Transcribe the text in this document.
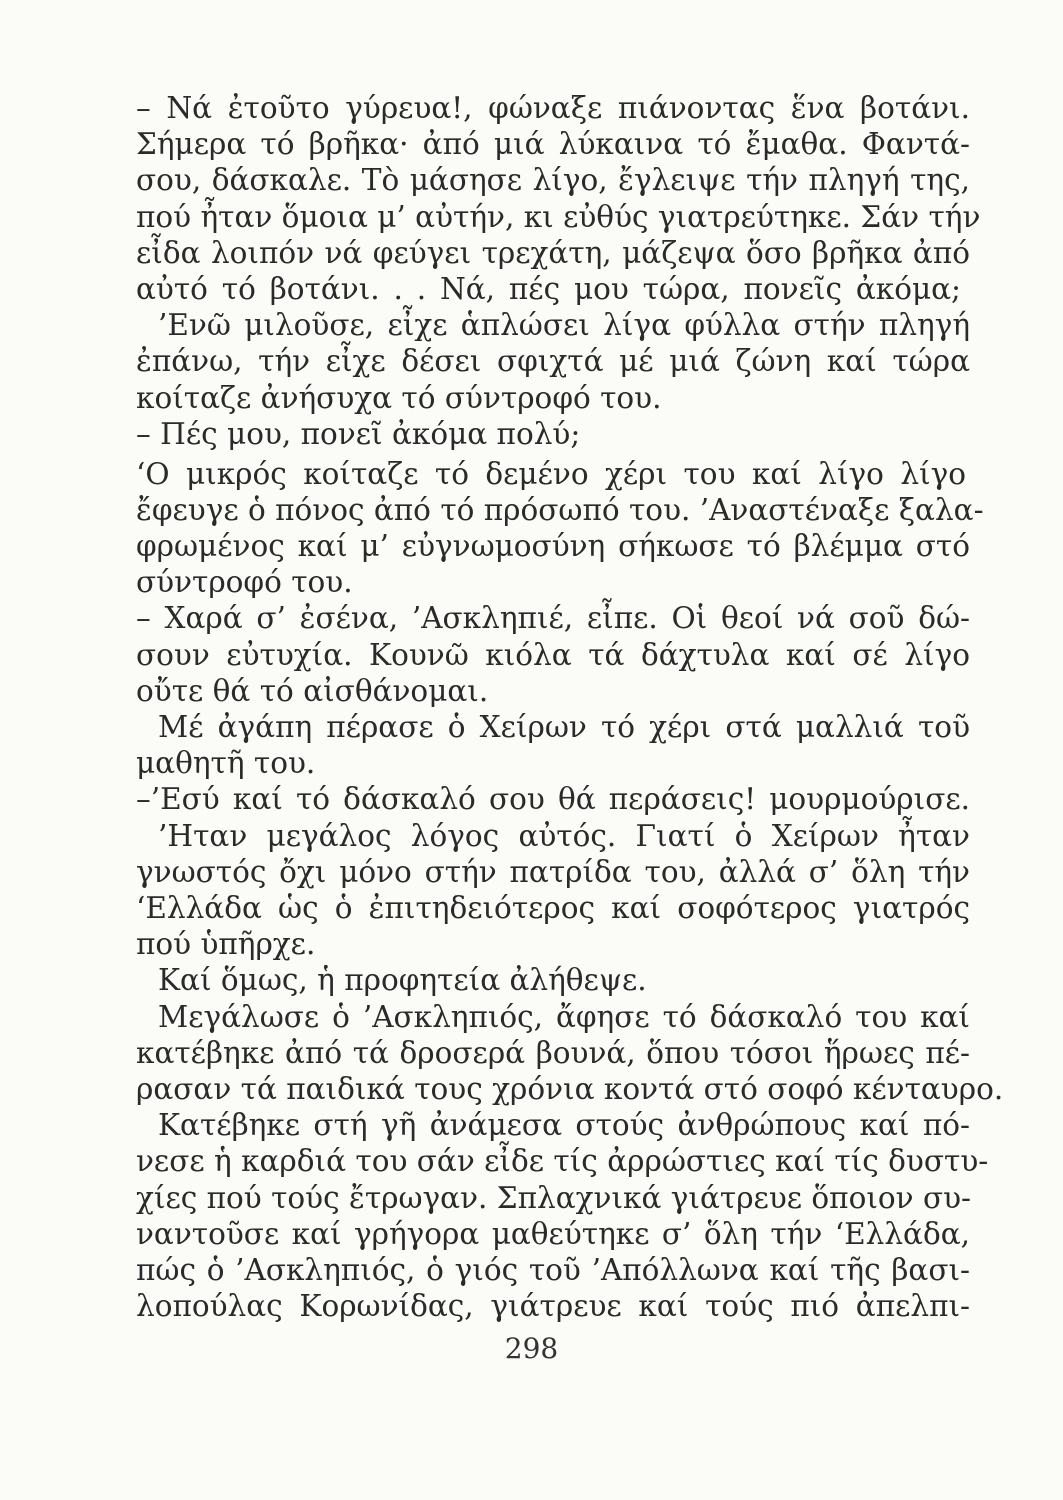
– Νά ἐτοῦτο γύρευα!, φώναξε πιάνοντας ἕνα βοτάνι.
Σήμερα τό βρῆκα· ἀπό μιά λύκαινα τό ἔμαθα. Φαντά-
σου, δάσκαλε. Τὸ μάσησε λίγο, ἔγλειψε τήν πληγή της,
πού ἦταν ὅμοια μ’ αὐτήν, κι εὐθύς γιατρεύτηκε. Σάν τήν
εἶδα λοιπόν νά φεύγει τρεχάτη, μάζεψα ὅσο βρῆκα ἀπό
αὐτό τό βοτάνι. . . Νά, πές μου τώρα, πονεῖς ἀκόμα;
’Ενῶ μιλοῦσε, εἶχε ἁπλώσει λίγα φύλλα στήν πληγή
ἐπάνω, τήν εἶχε δέσει σφιχτά μέ μιά ζώνη καί τώρα
κοίταζε ἀνήσυχα τό σύντροφό του.
– Πές μου, πονεῖ ἀκόμα πολύ;
‘Ο μικρός κοίταζε τό δεμένο χέρι του καί λίγο λίγο
ἔφευγε ὁ πόνος ἀπό τό πρόσωπό του. ’Αναστέναξε ξαλα-
φρωμένος καί μ’ εὐγνωμοσύνη σήκωσε τό βλέμμα στό
σύντροφό του.
– Χαρά σ’ ἐσένα, ’Ασκληπιέ, εἶπε. Οἱ θεοί νά σοῦ δώ-
σουν εὐτυχία. Κουνῶ κιόλα τά δάχτυλα καί σέ λίγο
οὔτε θά τό αἰσθάνομαι.
Μέ ἀγάπη πέρασε ὁ Χείρων τό χέρι στά μαλλιά τοῦ
μαθητῆ του.
–’Εσύ καί τό δάσκαλό σου θά περάσεις! μουρμούρισε.
’Ηταν μεγάλος λόγος αὐτός. Γιατί ὁ Χείρων ἦταν
γνωστός ὄχι μόνο στήν πατρίδα του, ἀλλά σ’ ὅλη τήν
‘Ελλάδα ὡς ὁ ἐπιτηδειότερος καί σοφότερος γιατρός
πού ὑπῆρχε.
Καί ὅμως, ἡ προφητεία ἀλήθεψε.
Μεγάλωσε ὁ ’Ασκληπιός, ἄφησε τό δάσκαλό του καί
κατέβηκε ἀπό τά δροσερά βουνά, ὅπου τόσοι ἥρωες πέ-
ρασαν τά παιδικά τους χρόνια κοντά στό σοφό κένταυρο.
Κατέβηκε στή γῆ ἀνάμεσα στούς ἀνθρώπους καί πό-
νεσε ἡ καρδιά του σάν εἶδε τίς ἀρρώστιες καί τίς δυστυ-
χίες πού τούς ἔτρωγαν. Σπλαχνικά γιάτρευε ὅποιον συ-
ναντοῦσε καί γρήγορα μαθεύτηκε σ’ ὅλη τήν ‘Ελλάδα,
πώς ὁ ’Ασκληπιός, ὁ γιός τοῦ ’Απόλλωνα καί τῆς βασι-
λοπούλας Κορωνίδας, γιάτρευε καί τούς πιό ἀπελπι-
298
